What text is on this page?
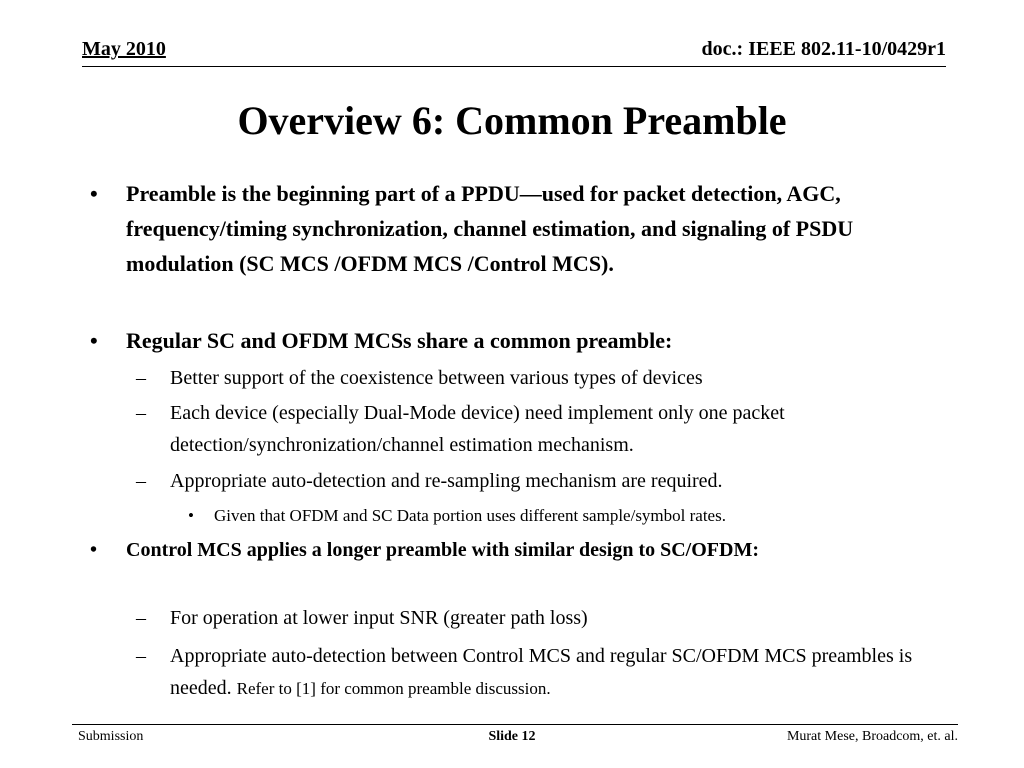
May 2010	doc.: IEEE 802.11-10/0429r1
Overview 6: Common Preamble
• Preamble is the beginning part of a PPDU—used for packet detection, AGC, frequency/timing synchronization, channel estimation, and signaling of PSDU modulation (SC MCS /OFDM MCS /Control MCS).
• Regular SC and OFDM MCSs share a common preamble:
– Better support of the coexistence between various types of devices
– Each device (especially Dual-Mode device) need implement only one packet detection/synchronization/channel estimation mechanism.
– Appropriate auto-detection and re-sampling mechanism are required.
• Given that OFDM and SC Data portion uses different sample/symbol rates.
• Control MCS applies a longer preamble with similar design to SC/OFDM:
– For operation at lower input SNR (greater path loss)
– Appropriate auto-detection between Control MCS and regular SC/OFDM MCS preambles is needed. Refer to [1] for common preamble discussion.
Submission	Slide 12	Murat Mese, Broadcom, et. al.
